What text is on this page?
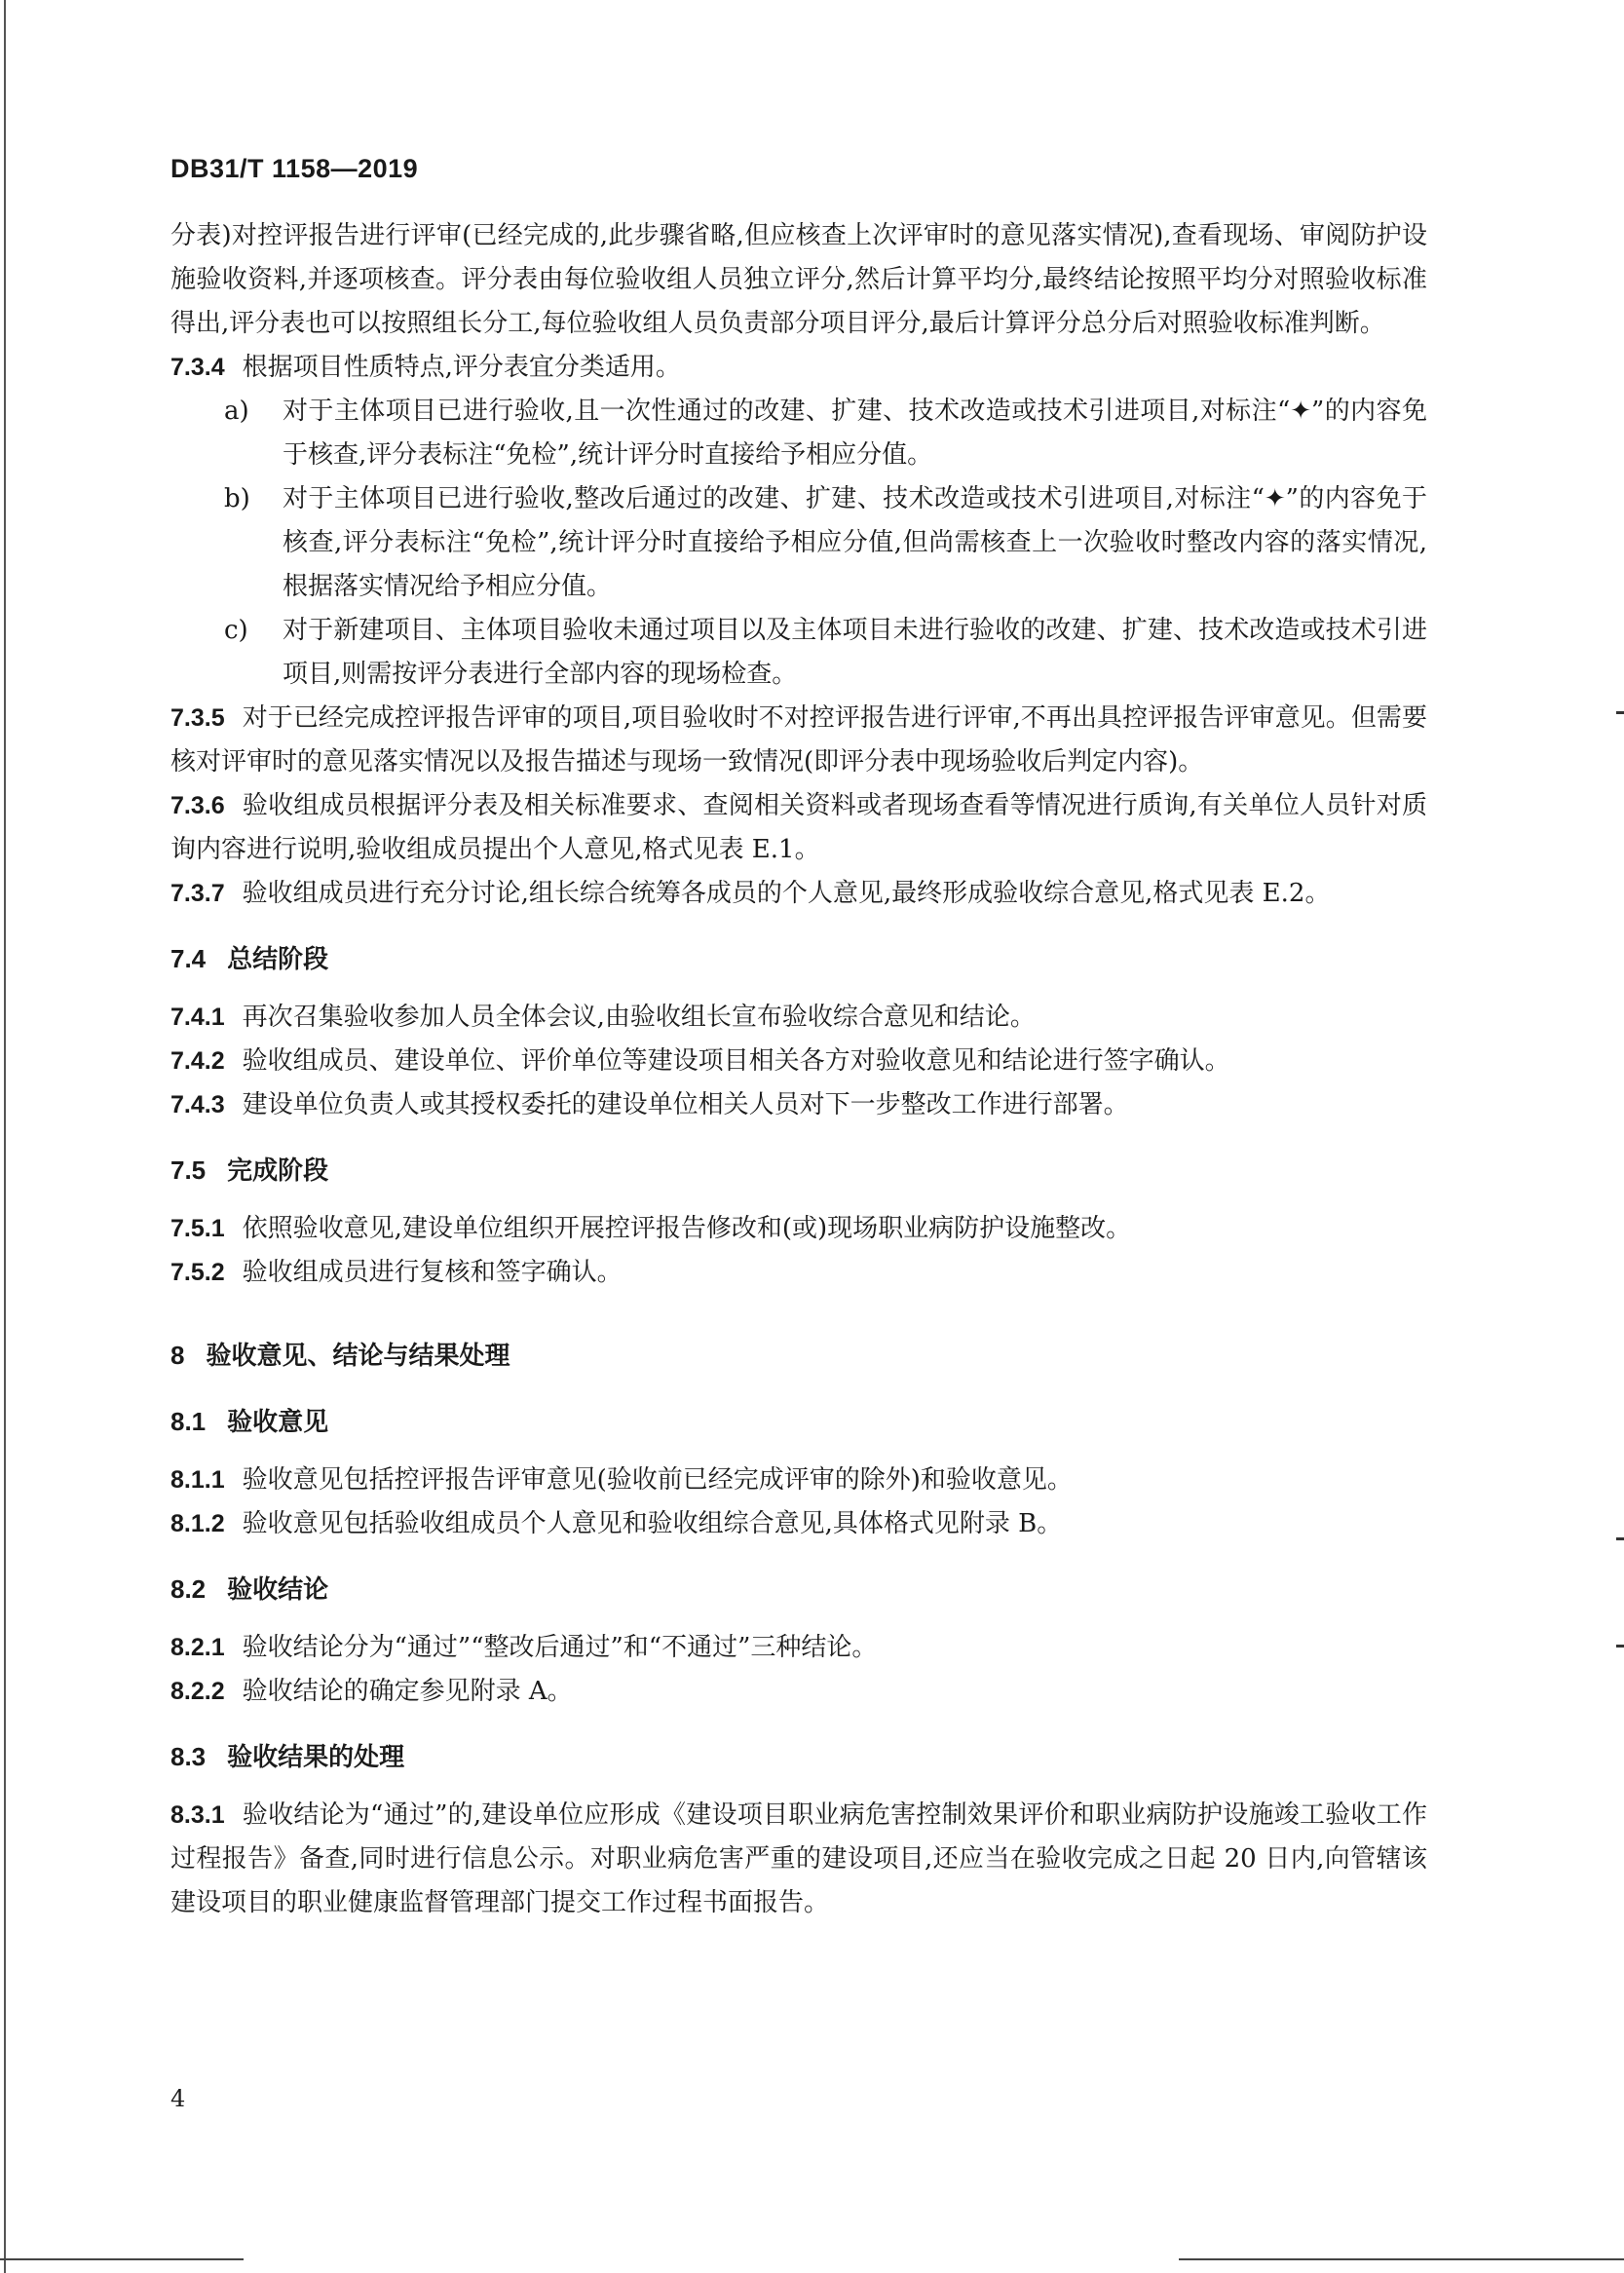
DB31/T 1158—2019

分表)对控评报告进行评审(已经完成的,此步骤省略,但应核查上次评审时的意见落实情况),查看现场、审阅防护设施验收资料,并逐项核查。评分表由每位验收组人员独立评分,然后计算平均分,最终结论按照平均分对照验收标准得出,评分表也可以按照组长分工,每位验收组人员负责部分项目评分,最后计算评分总分后对照验收标准判断。

7.3.4 根据项目性质特点,评分表宜分类适用。

a) 对于主体项目已进行验收,且一次性通过的改建、扩建、技术改造或技术引进项目,对标注“✦”的内容免于核查,评分表标注“免检”,统计评分时直接给予相应分值。

b) 对于主体项目已进行验收,整改后通过的改建、扩建、技术改造或技术引进项目,对标注“✦”的内容免于核查,评分表标注“免检”,统计评分时直接给予相应分值,但尚需核查上一次验收时整改内容的落实情况,根据落实情况给予相应分值。

c) 对于新建项目、主体项目验收未通过项目以及主体项目未进行验收的改建、扩建、技术改造或技术引进项目,则需按评分表进行全部内容的现场检查。

7.3.5 对于已经完成控评报告评审的项目,项目验收时不对控评报告进行评审,不再出具控评报告评审意见。但需要核对评审时的意见落实情况以及报告描述与现场一致情况(即评分表中现场验收后判定内容)。

7.3.6 验收组成员根据评分表及相关标准要求、查阅相关资料或者现场查看等情况进行质询,有关单位人员针对质询内容进行说明,验收组成员提出个人意见,格式见表 E.1。

7.3.7 验收组成员进行充分讨论,组长综合统筹各成员的个人意见,最终形成验收综合意见,格式见表 E.2。

7.4 总结阶段

7.4.1 再次召集验收参加人员全体会议,由验收组长宣布验收综合意见和结论。

7.4.2 验收组成员、建设单位、评价单位等建设项目相关各方对验收意见和结论进行签字确认。

7.4.3 建设单位负责人或其授权委托的建设单位相关人员对下一步整改工作进行部署。

7.5 完成阶段

7.5.1 依照验收意见,建设单位组织开展控评报告修改和(或)现场职业病防护设施整改。

7.5.2 验收组成员进行复核和签字确认。

8 验收意见、结论与结果处理

8.1 验收意见

8.1.1 验收意见包括控评报告评审意见(验收前已经完成评审的除外)和验收意见。

8.1.2 验收意见包括验收组成员个人意见和验收组综合意见,具体格式见附录 B。

8.2 验收结论

8.2.1 验收结论分为“通过”“整改后通过”和“不通过”三种结论。

8.2.2 验收结论的确定参见附录 A。

8.3 验收结果的处理

8.3.1 验收结论为“通过”的,建设单位应形成《建设项目职业病危害控制效果评价和职业病防护设施竣工验收工作过程报告》备查,同时进行信息公示。对职业病危害严重的建设项目,还应当在验收完成之日起 20 日内,向管辖该建设项目的职业健康监督管理部门提交工作过程书面报告。

4
